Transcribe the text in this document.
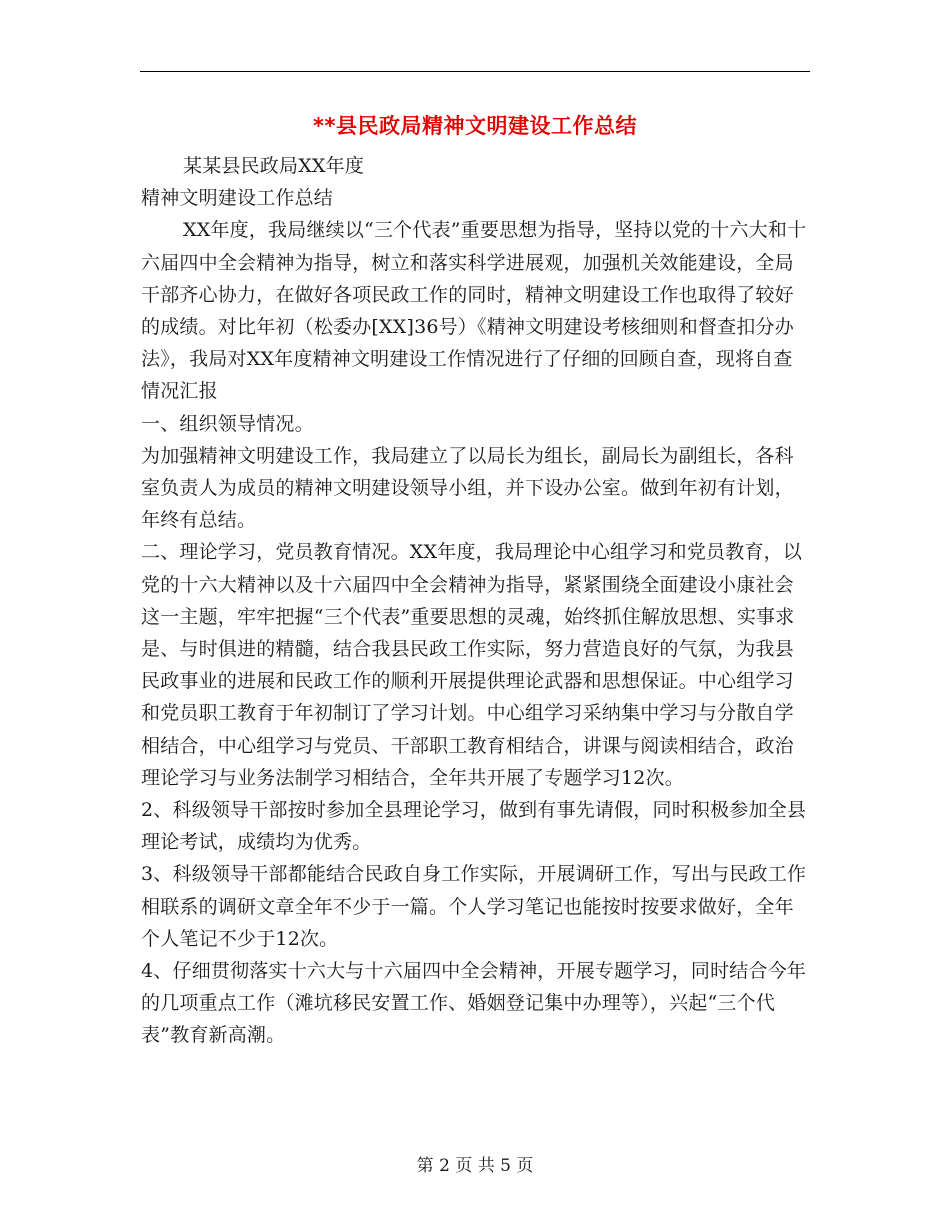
**县民政局精神文明建设工作总结

某某县民政局XX年度

精神文明建设工作总结

XX年度，我局继续以“三个代表”重要思想为指导，坚持以党的十六大和十六届四中全会精神为指导，树立和落实科学进展观，加强机关效能建设，全局干部齐心协力，在做好各项民政工作的同时，精神文明建设工作也取得了较好的成绩。对比年初（松委办[XX]36号）《精神文明建设考核细则和督查扣分办法》，我局对XX年度精神文明建设工作情况进行了仔细的回顾自查，现将自查情况汇报

一、组织领导情况。

为加强精神文明建设工作，我局建立了以局长为组长，副局长为副组长，各科室负责人为成员的精神文明建设领导小组，并下设办公室。做到年初有计划，年终有总结。

二、理论学习，党员教育情况。XX年度，我局理论中心组学习和党员教育，以党的十六大精神以及十六届四中全会精神为指导，紧紧围绕全面建设小康社会这一主题，牢牢把握“三个代表”重要思想的灵魂，始终抓住解放思想、实事求是、与时俱进的精髓，结合我县民政工作实际，努力营造良好的气氛，为我县民政事业的进展和民政工作的顺利开展提供理论武器和思想保证。中心组学习和党员职工教育于年初制订了学习计划。中心组学习采纳集中学习与分散自学相结合，中心组学习与党员、干部职工教育相结合，讲课与阅读相结合，政治理论学习与业务法制学习相结合，全年共开展了专题学习12次。

2、科级领导干部按时参加全县理论学习，做到有事先请假，同时积极参加全县理论考试，成绩均为优秀。

3、科级领导干部都能结合民政自身工作实际，开展调研工作，写出与民政工作相联系的调研文章全年不少于一篇。个人学习笔记也能按时按要求做好，全年个人笔记不少于12次。

4、仔细贯彻落实十六大与十六届四中全会精神，开展专题学习，同时结合今年的几项重点工作（滩坑移民安置工作、婚姻登记集中办理等），兴起“三个代表”教育新高潮。

第 2 页 共 5 页
